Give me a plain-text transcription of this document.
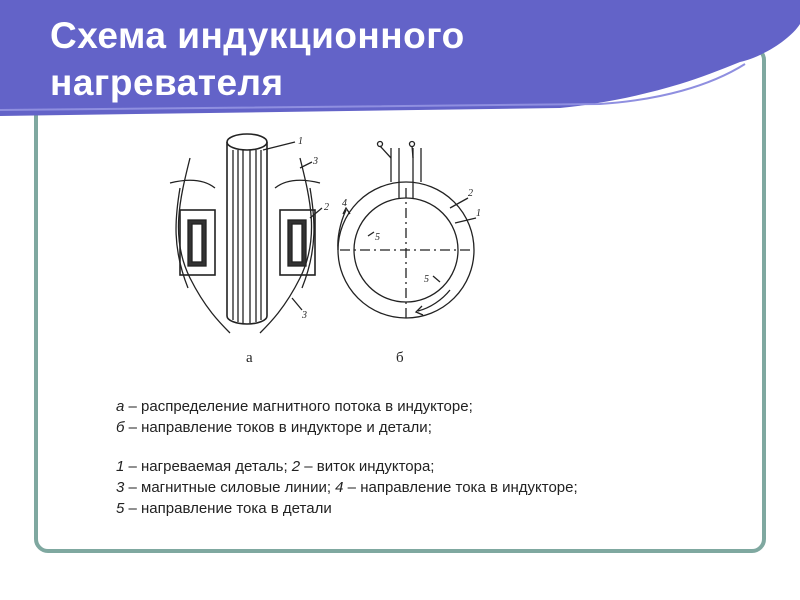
Схема индукционного
нагревателя
1
3
2
3
2
1
4
5
5
а	б
а – распределение магнитного потока в индукторе;
б – направление токов в индукторе и детали;
1 – нагреваемая деталь; 2 – виток индуктора;
3 – магнитные силовые линии; 4 – направление тока в индукторе;
5 – направление тока в детали
